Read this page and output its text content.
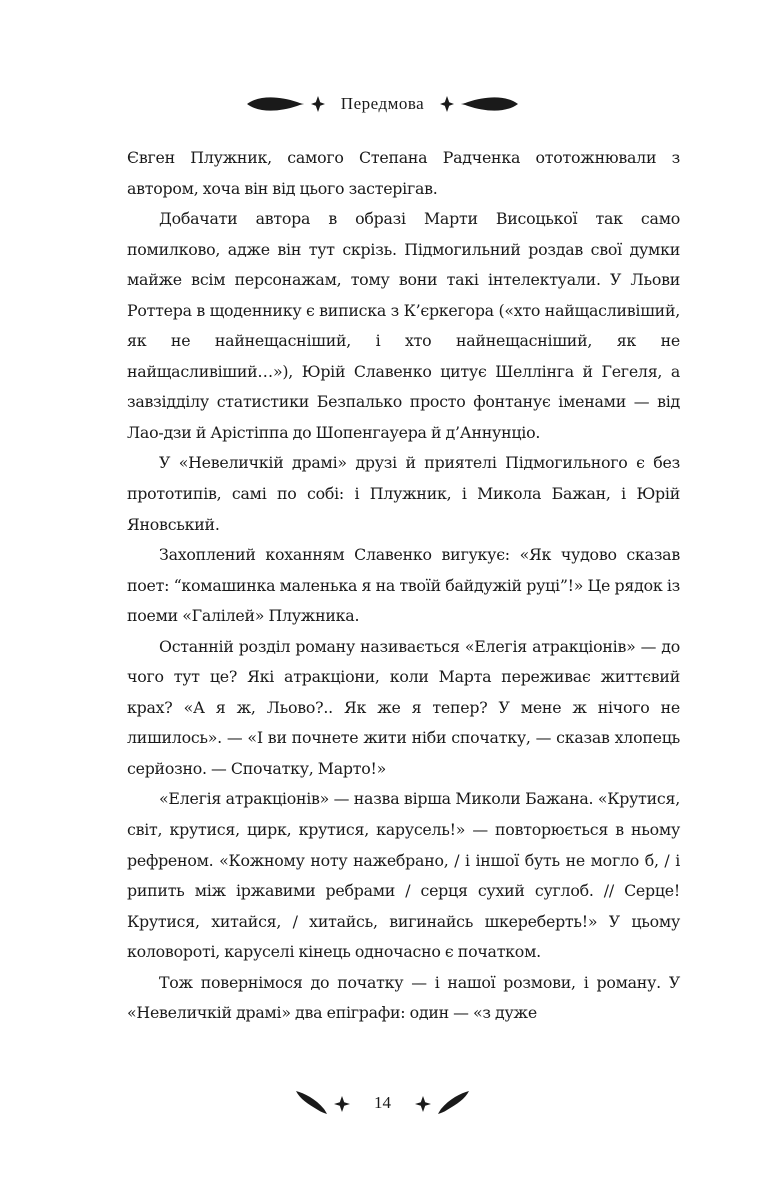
Передмова

Євген Плужник, самого Степана Радченка ототожнювали з автором, хоча він від цього застерігав.

Добачати автора в образі Марти Висоцької так само помилково, адже він тут скрізь. Підмогильний роздав свої думки майже всім персонажам, тому вони такі інтелектуали. У Льови Роттера в щоденнику є виписка з К’єркегора («хто найщасливіший, як не найнещасніший, і хто найнещасніший, як не найщасливіший…»), Юрій Славенко цитує Шеллінга й Гегеля, а завзідділу статистики Безпалько просто фонтанує іменами — від Лао-дзи й Арістіппа до Шопенгауера й д’Аннунціо.

У «Невеличкій драмі» друзі й приятелі Підмогильного є без прототипів, самі по собі: і Плужник, і Микола Бажан, і Юрій Яновський.

Захоплений коханням Славенко вигукує: «Як чудово сказав поет: “комашинка маленька я на твоїй байдужій руці”!» Це рядок із поеми «Галілей» Плужника.

Останній розділ роману називається «Елегія атракціонів» — до чого тут це? Які атракціони, коли Марта переживає життєвий крах? «А я ж, Льово?.. Як же я тепер? У мене ж нічого не лишилось». — «І ви почнете жити ніби спочатку, — сказав хлопець серйозно. — Спочатку, Марто!»

«Елегія атракціонів» — назва вірша Миколи Бажана. «Крутися, світ, крутися, цирк, крутися, карусель!» — повторюється в ньому рефреном. «Кожному ноту нажебрано, / і іншої буть не могло б, / і рипить між іржавими ребрами / серця сухий суглоб. // Серце! Крутися, хитайся, / хитайсь, вигинайсь шкереберть!» У цьому коловороті, каруселі кінець одночасно є початком.

Тож повернімося до початку — і нашої розмови, і роману. У «Невеличкій драмі» два епіграфи: один — «з дуже

14
